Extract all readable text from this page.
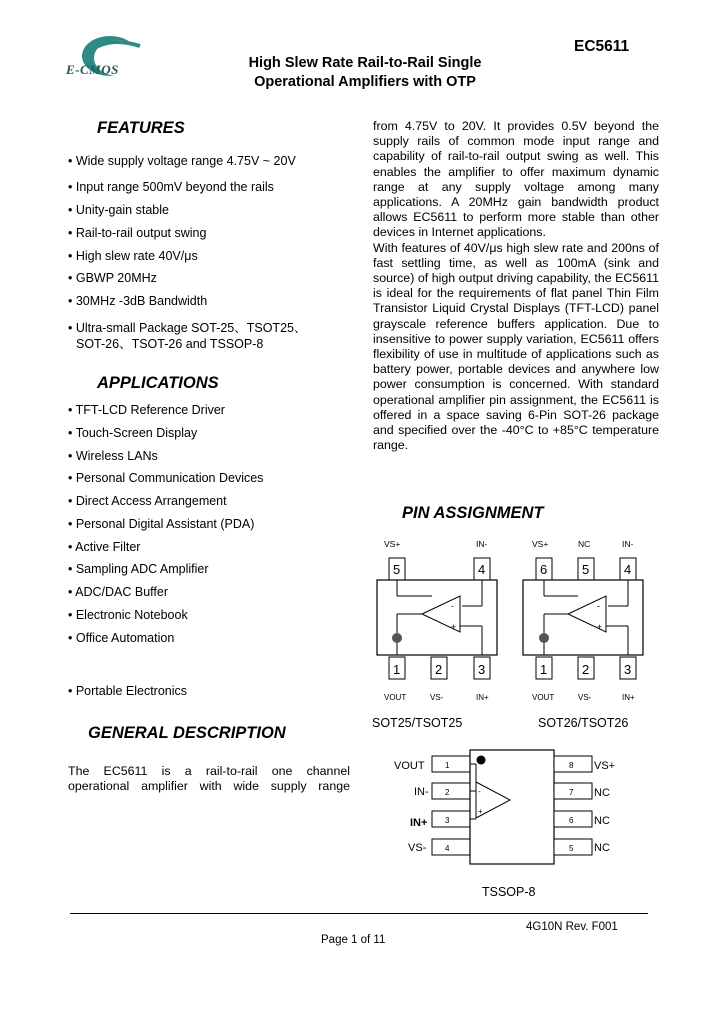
E-CMOS	High Slew Rate Rail-to-Rail Single
Operational Amplifiers with OTP
EC5611
FEATURES
• Wide supply voltage range 4.75V ~ 20V
• Input range 500mV beyond the rails
• Unity-gain stable
• Rail-to-rail output swing
• High slew rate 40V/μs
• GBWP 20MHz
• 30MHz -3dB Bandwidth
• Ultra-small Package SOT-25、TSOT25、
SOT-26、TSOT-26 and TSSOP-8
APPLICATIONS
• TFT-LCD Reference Driver
• Touch-Screen Display
• Wireless LANs
• Personal Communication Devices
• Direct Access Arrangement
• Personal Digital Assistant (PDA)
• Active Filter
• Sampling ADC Amplifier
• ADC/DAC Buffer
• Electronic Notebook
• Office Automation
• Portable Electronics
GENERAL DESCRIPTION

The EC5611 is a rail-to-rail one channel

operational amplifier with wide supply range

from 4.75V to 20V. It provides 0.5V beyond the supply rails of common mode input range and capability of rail-to-rail output swing as well. This enables the amplifier to offer maximum dynamic range at any supply voltage among many applications. A 20MHz gain bandwidth product allows EC5611 to perform more stable than other devices in Internet applications.

With features of 40V/μs high slew rate and 200ns of fast settling time, as well as 100mA (sink and source) of high output driving capability, the EC5611 is ideal for the requirements of flat panel Thin Film Transistor Liquid Crystal Displays (TFT-LCD) panel grayscale reference buffers application. Due to insensitive to power supply variation, EC5611 offers flexibility of use in multitude of applications such as battery power, portable devices and anywhere low power consumption is concerned. With standard operational amplifier pin assignment, the EC5611 is offered in a space saving 6-Pin SOT-26 package and specified over the -40°C to +85°C temperature range.

PIN ASSIGNMENT
VS+	IN-
5	4
-
+
1	2	3
VOUT	VS-	IN+
SOT25/TSOT25
VS+	NC	IN-
6	5	4
-
+
1	2	3
VOUT	VS-	IN+
SOT26/TSOT26
VOUT
IN-
IN+
VS-
1
2
3
4
-
+
8
7
6
5
VS+
NC
NC
NC
TSSOP-8
4G10N Rev. F001
Page 1 of 11
